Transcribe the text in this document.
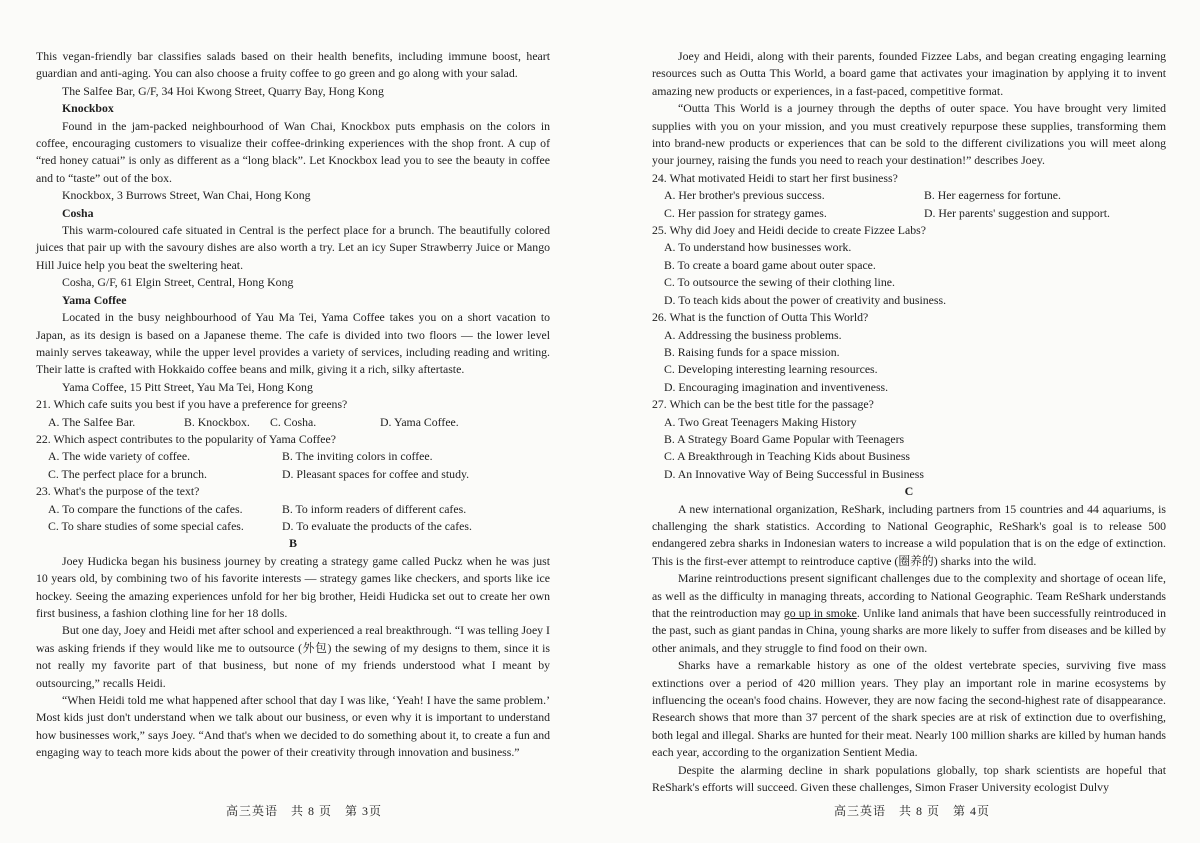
This vegan-friendly bar classifies salads based on their health benefits, including immune boost, heart guardian and anti-aging. You can also choose a fruity coffee to go green and go along with your salad.

The Salfee Bar, G/F, 34 Hoi Kwong Street, Quarry Bay, Hong Kong

Knockbox

Found in the jam-packed neighbourhood of Wan Chai, Knockbox puts emphasis on the colors in coffee, encouraging customers to visualize their coffee-drinking experiences with the shop front. A cup of “red honey catuai” is only as different as a “long black”. Let Knockbox lead you to see the beauty in coffee and to “taste” out of the box.

Knockbox, 3 Burrows Street, Wan Chai, Hong Kong

Cosha

This warm-coloured cafe situated in Central is the perfect place for a brunch. The beautifully colored juices that pair up with the savoury dishes are also worth a try. Let an icy Super Strawberry Juice or Mango Hill Juice help you beat the sweltering heat.

Cosha, G/F, 61 Elgin Street, Central, Hong Kong

Yama Coffee

Located in the busy neighbourhood of Yau Ma Tei, Yama Coffee takes you on a short vacation to Japan, as its design is based on a Japanese theme. The cafe is divided into two floors — the lower level mainly serves takeaway, while the upper level provides a variety of services, including reading and writing. Their latte is crafted with Hokkaido coffee beans and milk, giving it a rich, silky aftertaste.

Yama Coffee, 15 Pitt Street, Yau Ma Tei, Hong Kong

21. Which cafe suits you best if you have a preference for greens?

A. The Salfee Bar.	B. Knockbox.	C. Cosha.	D. Yama Coffee.

22. Which aspect contributes to the popularity of Yama Coffee?

A. The wide variety of coffee.	B. The inviting colors in coffee.
C. The perfect place for a brunch.	D. Pleasant spaces for coffee and study.

23. What's the purpose of the text?

A. To compare the functions of the cafes.	B. To inform readers of different cafes.
C. To share studies of some special cafes.	D. To evaluate the products of the cafes.

B

Joey Hudicka began his business journey by creating a strategy game called Puckz when he was just 10 years old, by combining two of his favorite interests — strategy games like checkers, and sports like ice hockey. Seeing the amazing experiences unfold for her big brother, Heidi Hudicka set out to create her own first business, a fashion clothing line for her 18 dolls.

But one day, Joey and Heidi met after school and experienced a real breakthrough. “I was telling Joey I was asking friends if they would like me to outsource (外包) the sewing of my designs to them, since it is not really my favorite part of that business, but none of my friends understood what I meant by outsourcing,” recalls Heidi.

“When Heidi told me what happened after school that day I was like, ‘Yeah! I have the same problem.’ Most kids just don't understand when we talk about our business, or even why it is important to understand how businesses work,” says Joey. “And that's when we decided to do something about it, to create a fun and engaging way to teach more kids about the power of their creativity through innovation and business.”

高三英语　共 8 页　第 3页

Joey and Heidi, along with their parents, founded Fizzee Labs, and began creating engaging learning resources such as Outta This World, a board game that activates your imagination by applying it to invent amazing new products or experiences, in a fast-paced, competitive format.

“Outta This World is a journey through the depths of outer space. You have brought very limited supplies with you on your mission, and you must creatively repurpose these supplies, transforming them into brand-new products or experiences that can be sold to the different civilizations you will meet along your journey, raising the funds you need to reach your destination!” describes Joey.

24. What motivated Heidi to start her first business?

A. Her brother's previous success.	B. Her eagerness for fortune.
C. Her passion for strategy games.	D. Her parents' suggestion and support.

25. Why did Joey and Heidi decide to create Fizzee Labs?

A. To understand how businesses work.

B. To create a board game about outer space.

C. To outsource the sewing of their clothing line.

D. To teach kids about the power of creativity and business.

26. What is the function of Outta This World?

A. Addressing the business problems.

B. Raising funds for a space mission.

C. Developing interesting learning resources.

D. Encouraging imagination and inventiveness.

27. Which can be the best title for the passage?

A. Two Great Teenagers Making History

B. A Strategy Board Game Popular with Teenagers

C. A Breakthrough in Teaching Kids about Business

D. An Innovative Way of Being Successful in Business

C

A new international organization, ReShark, including partners from 15 countries and 44 aquariums, is challenging the shark statistics. According to National Geographic, ReShark's goal is to release 500 endangered zebra sharks in Indonesian waters to increase a wild population that is on the edge of extinction. This is the first-ever attempt to reintroduce captive (圈养的) sharks into the wild.

Marine reintroductions present significant challenges due to the complexity and shortage of ocean life, as well as the difficulty in managing threats, according to National Geographic. Team ReShark understands that the reintroduction may go up in smoke. Unlike land animals that have been successfully reintroduced in the past, such as giant pandas in China, young sharks are more likely to suffer from diseases and be killed by other animals, and they struggle to find food on their own.

Sharks have a remarkable history as one of the oldest vertebrate species, surviving five mass extinctions over a period of 420 million years. They play an important role in marine ecosystems by influencing the ocean's food chains. However, they are now facing the second-highest rate of disappearance. Research shows that more than 37 percent of the shark species are at risk of extinction due to overfishing, both legal and illegal. Sharks are hunted for their meat. Nearly 100 million sharks are killed by human hands each year, according to the organization Sentient Media.

Despite the alarming decline in shark populations globally, top shark scientists are hopeful that ReShark's efforts will succeed. Given these challenges, Simon Fraser University ecologist Dulvy

高三英语　共 8 页　第 4页
